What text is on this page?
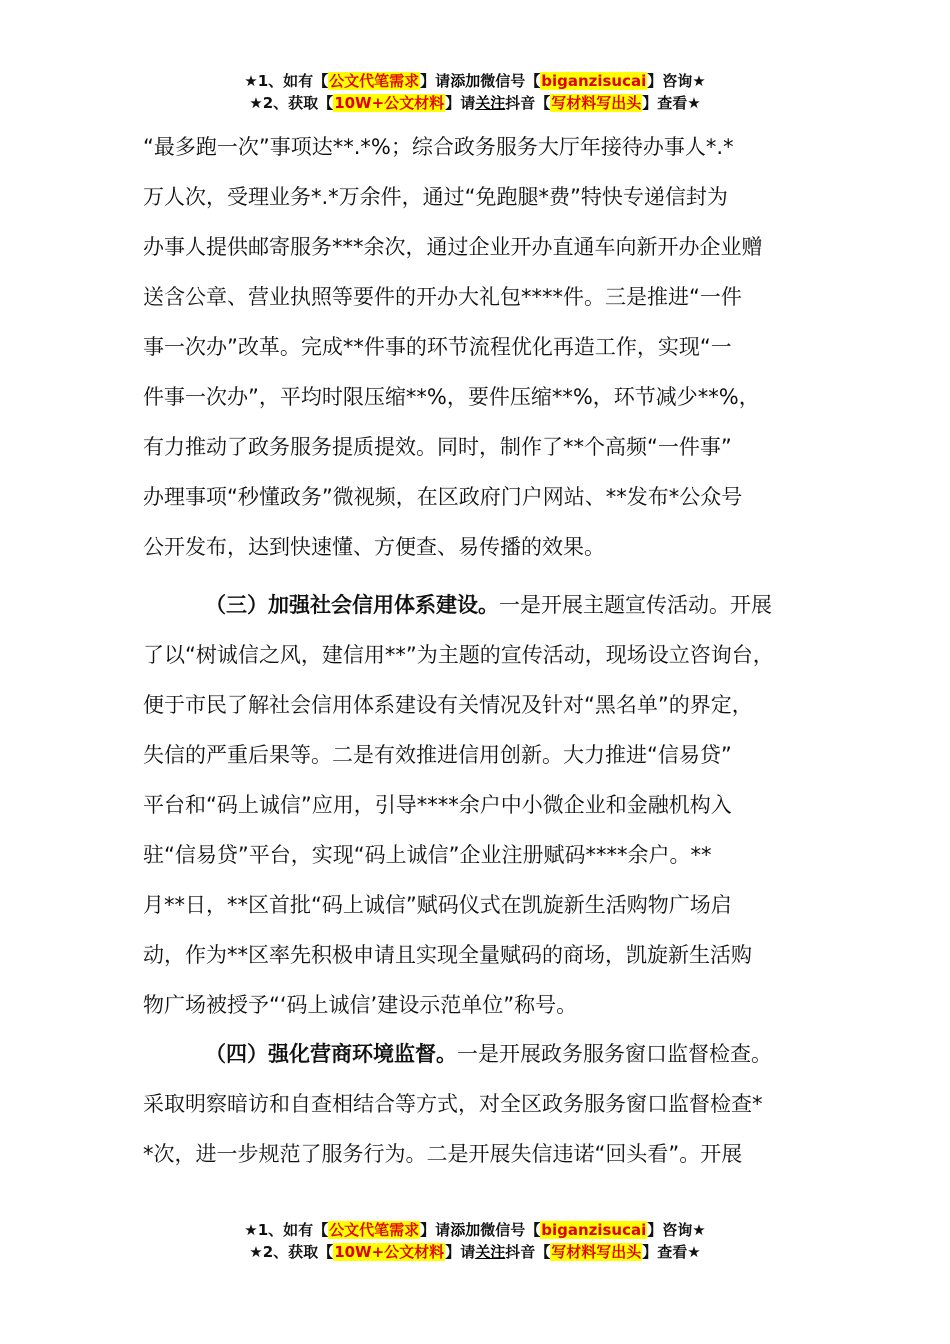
★1、如有【公文代笔需求】请添加微信号【biganzisucai】咨询★
★2、获取【10W+公文材料】请关注抖音【写材料写出头】查看★
“最多跑一次”事项达**.*%；综合政务服务大厅年接待办事人*.*
万人次，受理业务*.*万余件，通过“免跑腿*费”特快专递信封为
办事人提供邮寄服务***余次，通过企业开办直通车向新开办企业赠
送含公章、营业执照等要件的开办大礼包****件。三是推进“一件
事一次办”改革。完成**件事的环节流程优化再造工作，实现“一
件事一次办”，平均时限压缩**%，要件压缩**%，环节减少**%，
有力推动了政务服务提质提效。同时，制作了**个高频“一件事”
办理事项“秒懂政务”微视频，在区政府门户网站、**发布*公众号
公开发布，达到快速懂、方便查、易传播的效果。
（三）加强社会信用体系建设。一是开展主题宣传活动。开展
了以“树诚信之风，建信用**”为主题的宣传活动，现场设立咨询台，
便于市民了解社会信用体系建设有关情况及针对“黑名单”的界定，
失信的严重后果等。二是有效推进信用创新。大力推进“信易贷”
平台和“码上诚信”应用，引导****余户中小微企业和金融机构入
驻“信易贷”平台，实现“码上诚信”企业注册赋码****余户。**
月**日，**区首批“码上诚信”赋码仪式在凯旋新生活购物广场启
动，作为**区率先积极申请且实现全量赋码的商场，凯旋新生活购
物广场被授予“‘码上诚信’建设示范单位”称号。
（四）强化营商环境监督。一是开展政务服务窗口监督检查。
采取明察暗访和自查相结合等方式，对全区政务服务窗口监督检查*
*次，进一步规范了服务行为。二是开展失信违诺“回头看”。开展
★1、如有【公文代笔需求】请添加微信号【biganzisucai】咨询★
★2、获取【10W+公文材料】请关注抖音【写材料写出头】查看★
